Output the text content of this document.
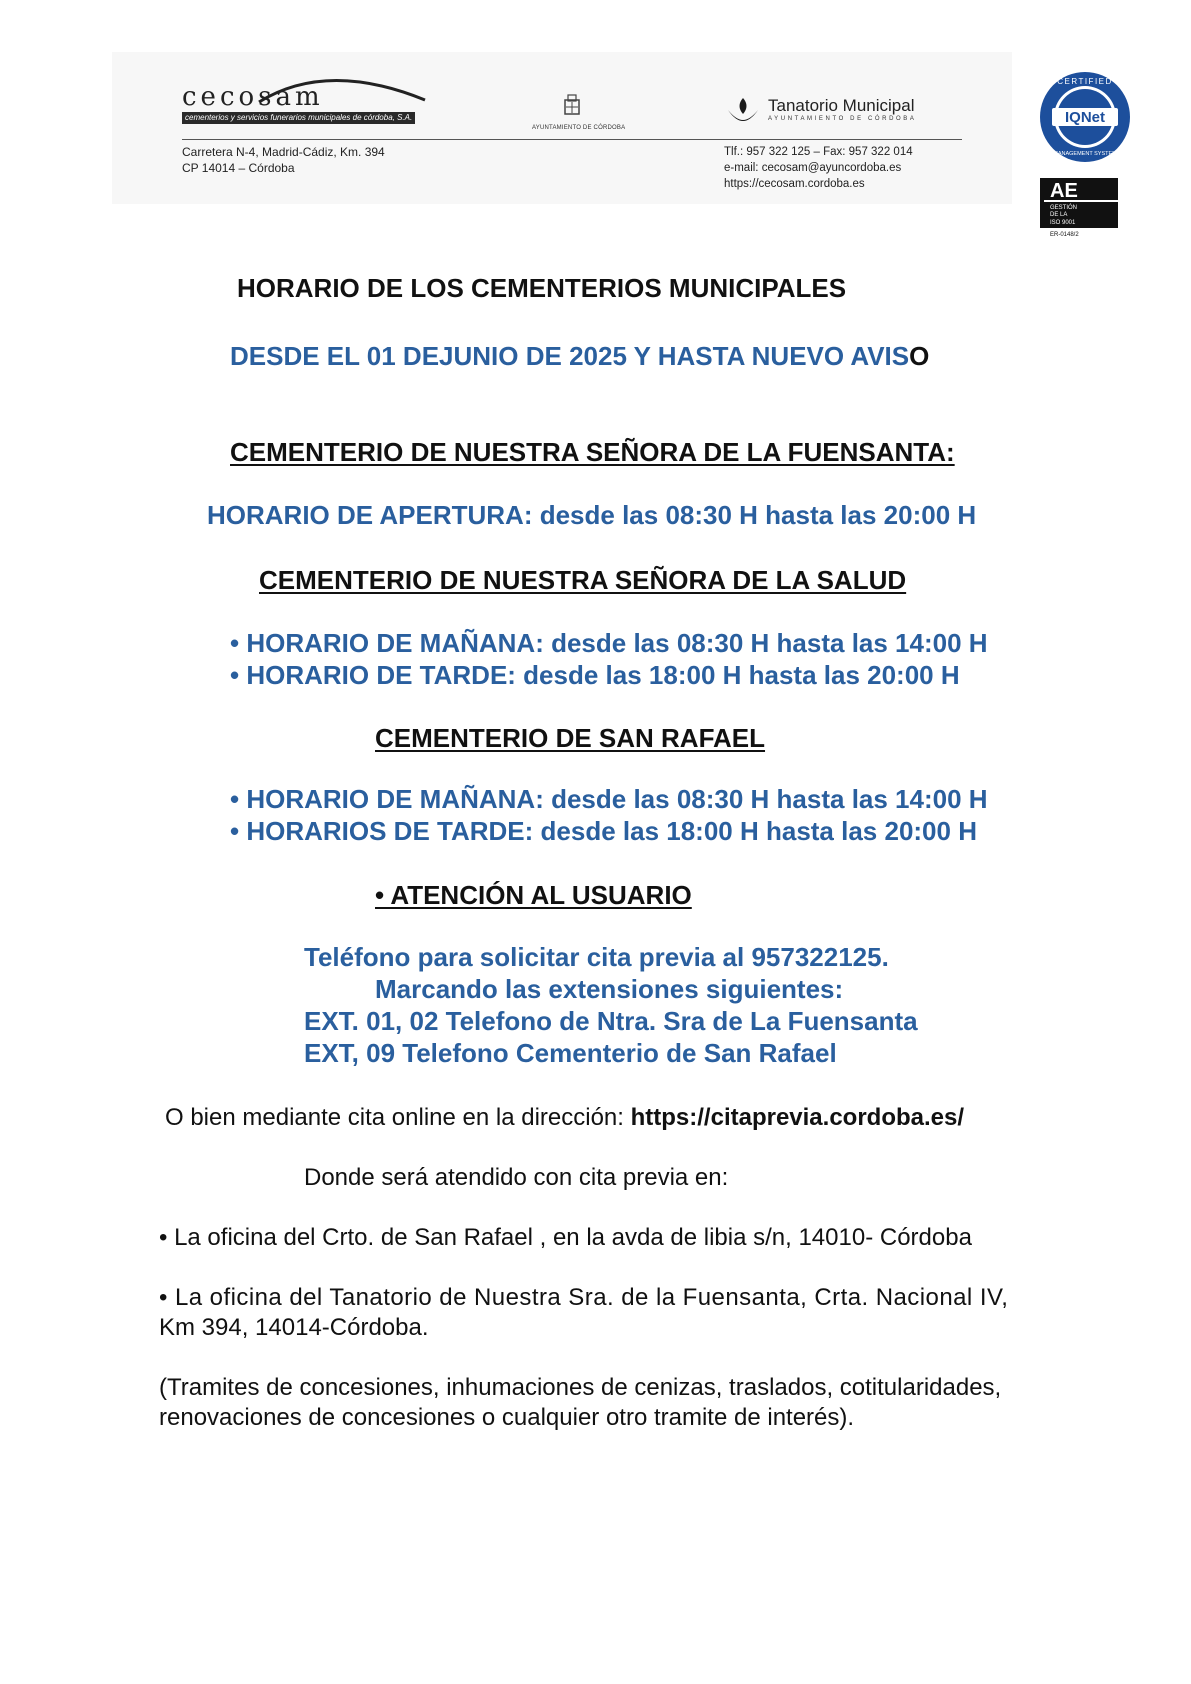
cecosam
cementerios y servicios funerarios municipales de córdoba, S.A.
Carretera N-4, Madrid-Cádiz, Km. 394
CP 14014 – Córdoba
AYUNTAMIENTO DE CÓRDOBA
Tanatorio Municipal
AYUNTAMIENTO DE CÓRDOBA
Tlf.: 957 322 125 – Fax: 957 322 014
e-mail: cecosam@ayuncordoba.es
https://cecosam.cordoba.es
IQNet
CERTIFIED
MANAGEMENT SYSTEM
AE
GESTIÓN
DE LA
ISO 9001
ER-0148/2
HORARIO DE LOS CEMENTERIOS MUNICIPALES
DESDE EL 01 DEJUNIO DE 2025 Y HASTA NUEVO AVISO
CEMENTERIO DE NUESTRA SEÑORA DE LA FUENSANTA:
HORARIO DE APERTURA: desde las 08:30 H hasta las 20:00 H
CEMENTERIO DE NUESTRA SEÑORA DE LA SALUD
• HORARIO DE MAÑANA: desde las 08:30 H hasta las 14:00 H
• HORARIO DE TARDE: desde las 18:00 H hasta las 20:00 H
CEMENTERIO DE SAN RAFAEL
• HORARIO DE MAÑANA: desde las 08:30 H hasta las 14:00 H
• HORARIOS DE TARDE: desde las 18:00 H hasta las 20:00 H
• ATENCIÓN AL USUARIO
Teléfono para solicitar cita previa al 957322125.
Marcando las extensiones siguientes:
EXT. 01, 02 Telefono de Ntra. Sra de La Fuensanta
EXT, 09 Telefono Cementerio de San Rafael
O bien mediante cita online en la dirección: https://citaprevia.cordoba.es/
Donde será atendido con cita previa en:
• La oficina del Crto. de San Rafael , en la avda de libia s/n, 14010- Córdoba
• La oficina del Tanatorio de Nuestra Sra. de la Fuensanta, Crta. Nacional IV,
Km 394, 14014-Córdoba.
(Tramites de concesiones, inhumaciones de cenizas, traslados, cotitularidades,
renovaciones de concesiones o cualquier otro tramite de interés).
